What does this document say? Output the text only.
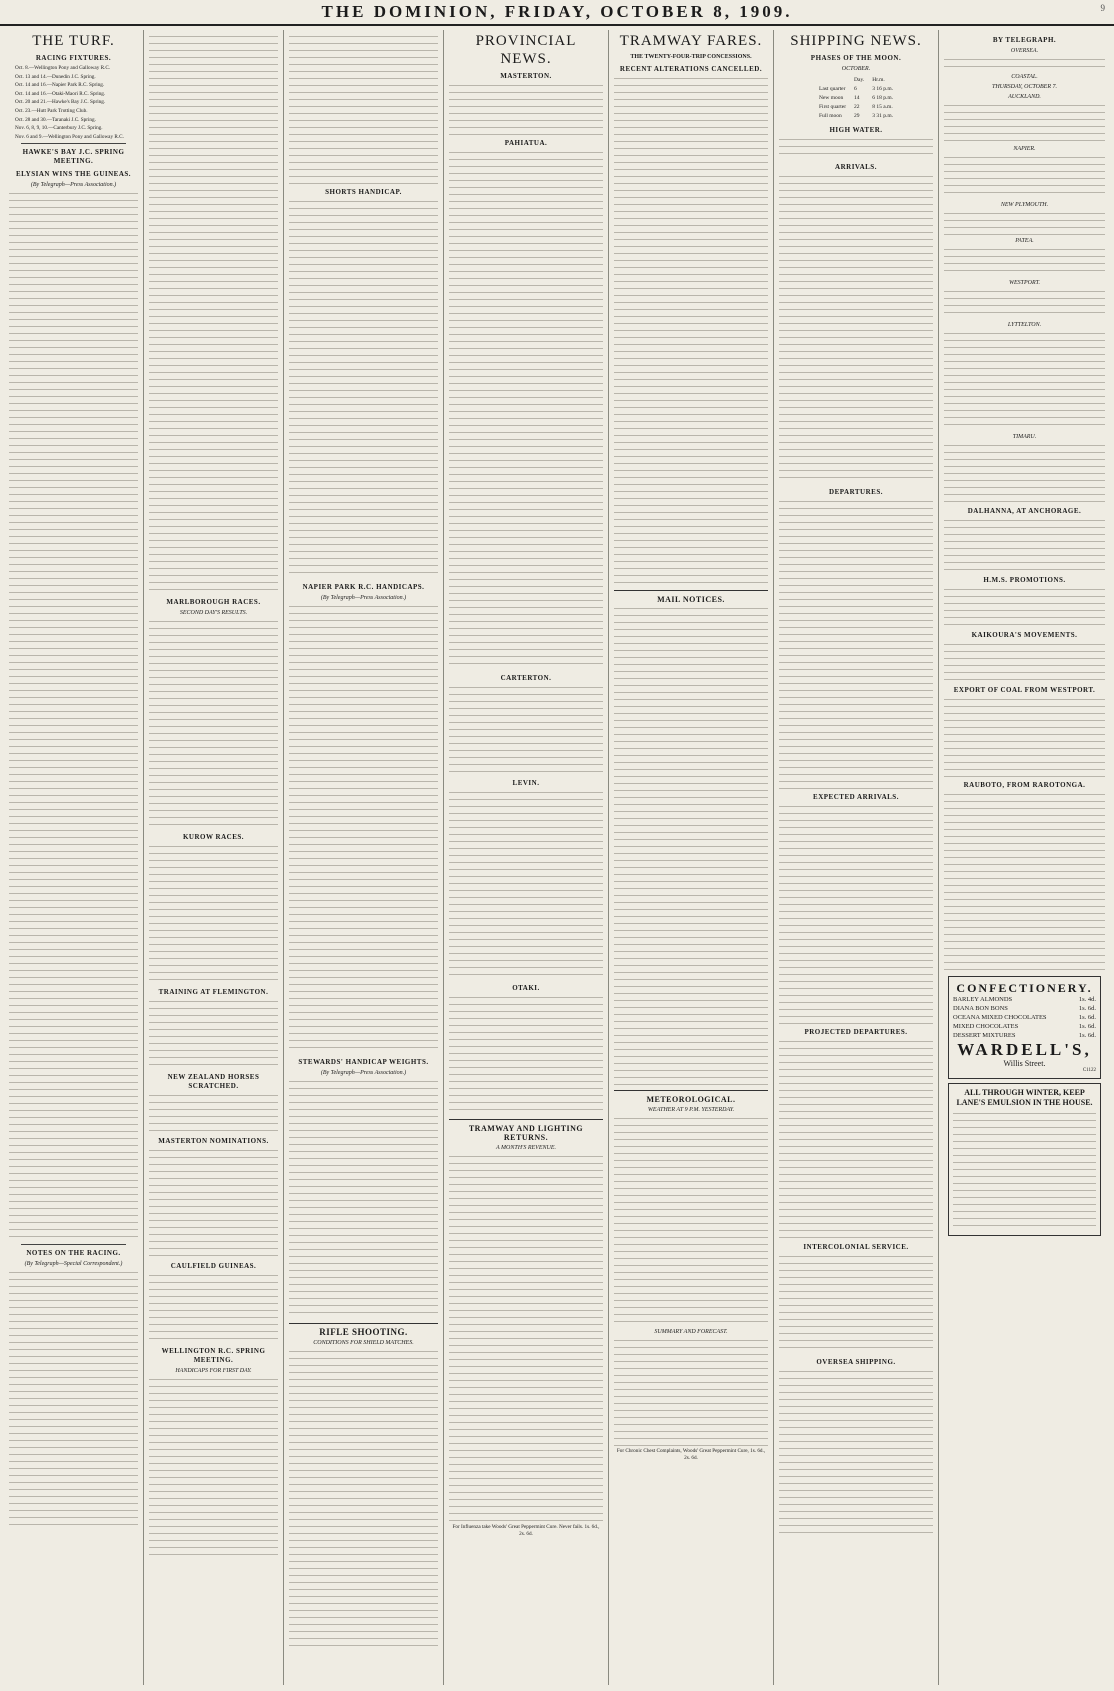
THE DOMINION, FRIDAY, OCTOBER 8, 1909.	9
THE TURF.
RACING FIXTURES.
Oct. 8.—Wellington Pony and Galloway R.C.
Oct. 13 and 14.—Dunedin J.C. Spring.
Oct. 14 and 16.—Napier Park R.C. Spring.
Oct. 14 and 16.—Otaki-Maori R.C. Spring.
Oct. 20 and 21.—Hawke's Bay J.C. Spring.
Oct. 23.—Hutt Park Trotting Club.
Oct. 28 and 30.—Taranaki J.C. Spring.
Nov. 6, 8, 9, 10.—Canterbury J.C. Spring.
Nov. 6 and 9.—Wellington Pony and Galloway R.C.
HAWKE'S BAY J.C. SPRING MEETING.
ELYSIAN WINS THE GUINEAS.
(By Telegraph—Press Association.)
NOTES ON THE RACING.
(By Telegraph—Special Correspondent.)
MARLBOROUGH RACES.
SECOND DAY'S RESULTS.
KUROW RACES.
TRAINING AT FLEMINGTON.
NEW ZEALAND HORSES SCRATCHED.
MASTERTON NOMINATIONS.
CAULFIELD GUINEAS.
WELLINGTON R.C. SPRING MEETING.
HANDICAPS FOR FIRST DAY.
SHORTS HANDICAP.
NAPIER PARK R.C. HANDICAPS.
(By Telegraph—Press Association.)
STEWARDS' HANDICAP WEIGHTS.
(By Telegraph—Press Association.)
RIFLE SHOOTING.
CONDITIONS FOR SHIELD MATCHES.
PROVINCIAL NEWS.
MASTERTON.
PAHIATUA.
CARTERTON.
LEVIN.
OTAKI.
TRAMWAY AND LIGHTING RETURNS.
A MONTH'S REVENUE.
For Influenza take Woods' Great Peppermint Cure. Never fails. 1s. 6d., 2s. 6d.
TRAMWAY FARES.
THE TWENTY-FOUR-TRIP CONCESSIONS.
RECENT ALTERATIONS CANCELLED.
MAIL NOTICES.
METEOROLOGICAL.
WEATHER AT 9 P.M. YESTERDAY.
SUMMARY AND FORECAST.
For Chronic Chest Complaints, Woods' Great Peppermint Cure, 1s. 6d., 2s. 6d.
SHIPPING NEWS.
PHASES OF THE MOON.
OCTOBER.
	Day.	Hr.m.
Last quarter	6	3 16 p.m.
New moon	14	6 18 p.m.
First quarter	22	8 15 a.m.
Full moon	29	3 31 p.m.
HIGH WATER.
ARRIVALS.
DEPARTURES.
EXPECTED ARRIVALS.
PROJECTED DEPARTURES.
INTERCOLONIAL SERVICE.
OVERSEA SHIPPING.
BY TELEGRAPH.
OVERSEA.
COASTAL.
THURSDAY, OCTOBER 7.
AUCKLAND.
NAPIER.
NEW PLYMOUTH.
PATEA.
WESTPORT.
LYTTELTON.
TIMARU.
DALHANNA, AT ANCHORAGE.
H.M.S. PROMOTIONS.
KAIKOURA'S MOVEMENTS.
EXPORT OF COAL FROM WESTPORT.
RAUBOTO, FROM RAROTONGA.
CONFECTIONERY.
BARLEY ALMONDS	1s. 4d.
DIANA BON BONS	1s. 6d.
OCEANA MIXED CHOCOLATES	1s. 6d.
MIXED CHOCOLATES	1s. 6d.
DESSERT MIXTURES	1s. 6d.
WARDELL'S,
Willis Street.
C1122
ALL THROUGH WINTER, KEEP LANE'S EMULSION IN THE HOUSE.
